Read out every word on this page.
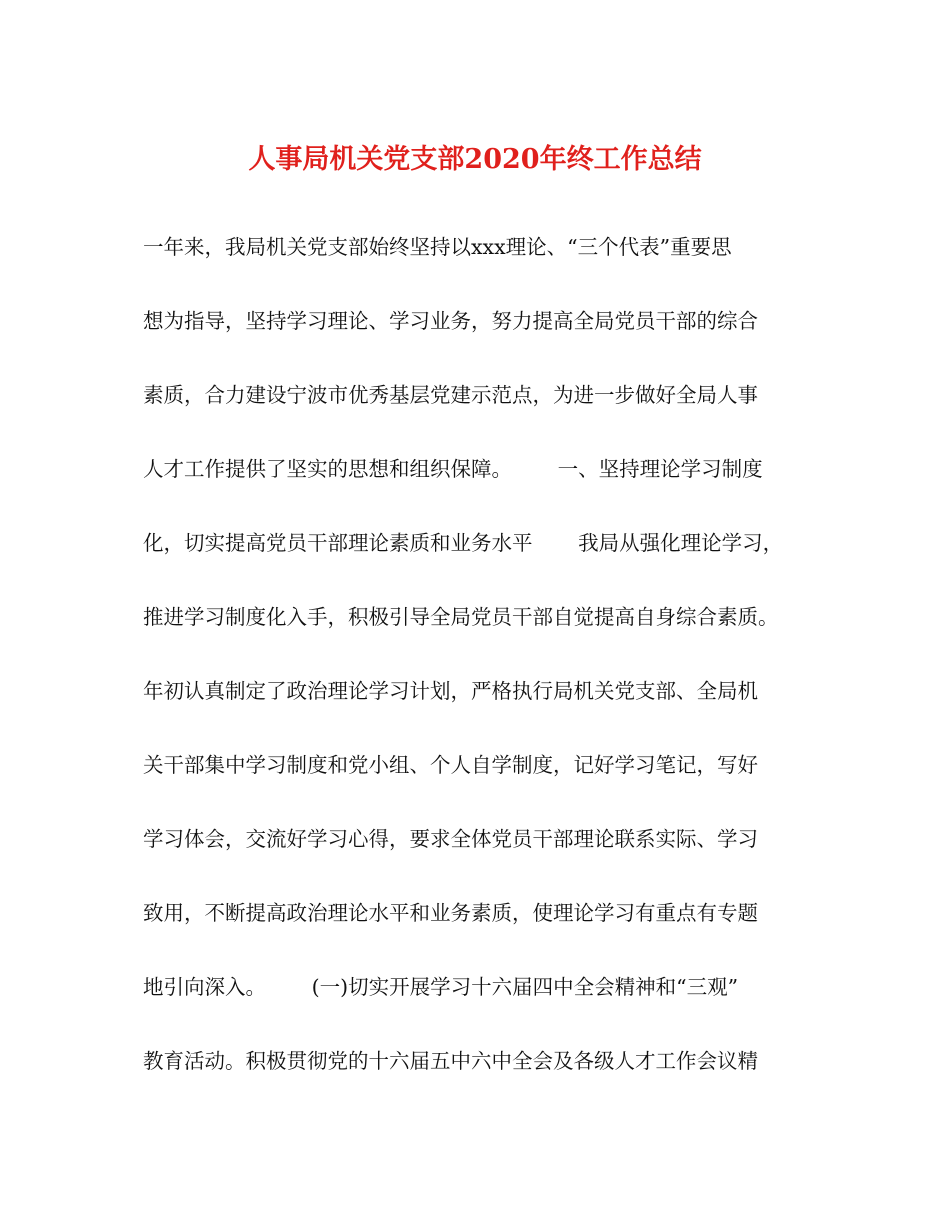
人事局机关党支部2020年终工作总结

一年来，我局机关党支部始终坚持以xxx理论、“三个代表”重要思

想为指导，坚持学习理论、学习业务，努力提高全局党员干部的综合

素质，合力建设宁波市优秀基层党建示范点，为进一步做好全局人事

人才工作提供了坚实的思想和组织保障。       一、坚持理论学习制度

化，切实提高党员干部理论素质和业务水平       我局从强化理论学习，

推进学习制度化入手，积极引导全局党员干部自觉提高自身综合素质。

年初认真制定了政治理论学习计划，严格执行局机关党支部、全局机

关干部集中学习制度和党小组、个人自学制度，记好学习笔记，写好

学习体会，交流好学习心得，要求全体党员干部理论联系实际、学习

致用，不断提高政治理论水平和业务素质，使理论学习有重点有专题

地引向深入。       (一)切实开展学习十六届四中全会精神和“三观”

教育活动。积极贯彻党的十六届五中六中全会及各级人才工作会议精
